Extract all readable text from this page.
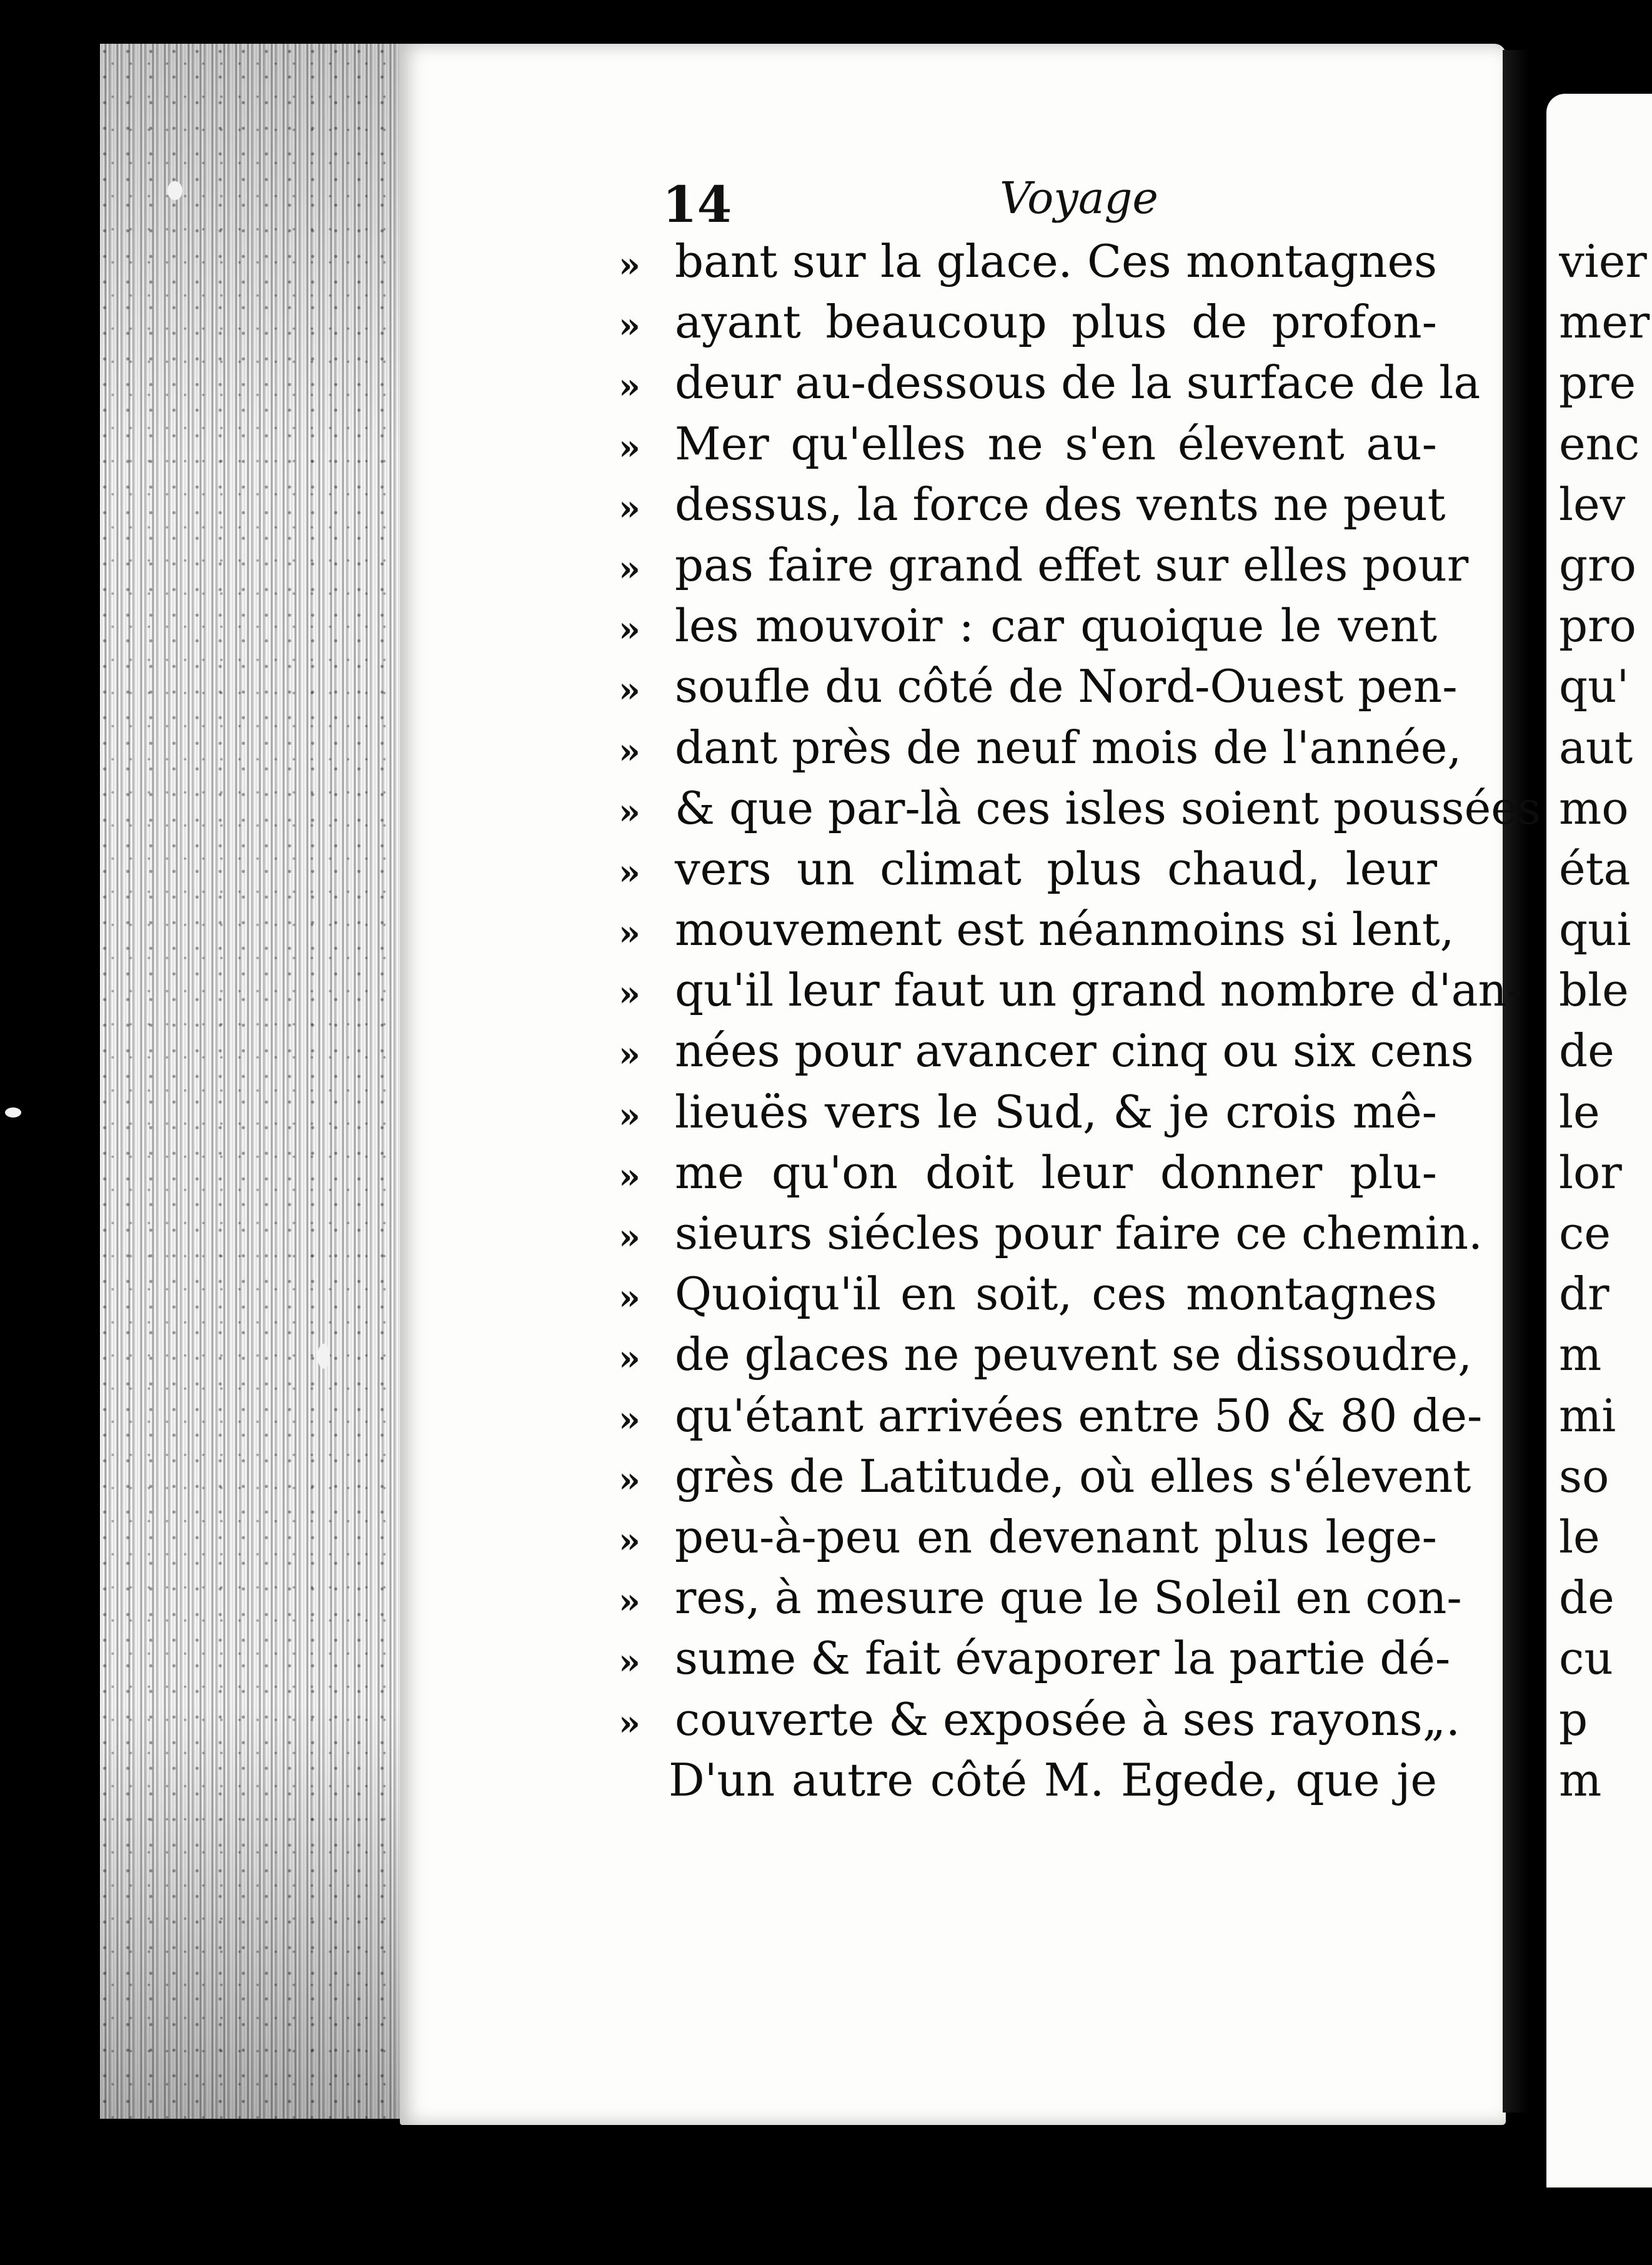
14	Voyage
» bant sur la glace. Ces montagnes
» ayant beaucoup plus de profon-
» deur au-dessous de la surface de la
» Mer qu'elles ne s'en élevent au-
» dessus, la force des vents ne peut
» pas faire grand effet sur elles pour
» les mouvoir : car quoique le vent
» soufle du côté de Nord-Ouest pen-
» dant près de neuf mois de l'année,
» & que par-là ces isles soient poussées
» vers un climat plus chaud, leur
» mouvement est néanmoins si lent,
» qu'il leur faut un grand nombre d'an-
» nées pour avancer cinq ou six cens
» lieuës vers le Sud, & je crois mê-
» me qu'on doit leur donner plu-
» sieurs siécles pour faire ce chemin.
» Quoiqu'il en soit, ces montagnes
» de glaces ne peuvent se dissoudre,
» qu'étant arrivées entre 50 & 80 de-
» grès de Latitude, où elles s'élevent
» peu-à-peu en devenant plus lege-
» res, à mesure que le Soleil en con-
» sume & fait évaporer la partie dé-
» couverte & exposée à ses rayons„.
D'un autre côté M. Egede, que je
vier
mer
pre
enc
lev
gro
pro
qu'
aut
mo
éta
qui
ble
de
le
lor
ce
dr
m
mi
so
le
de
cu
p
m
